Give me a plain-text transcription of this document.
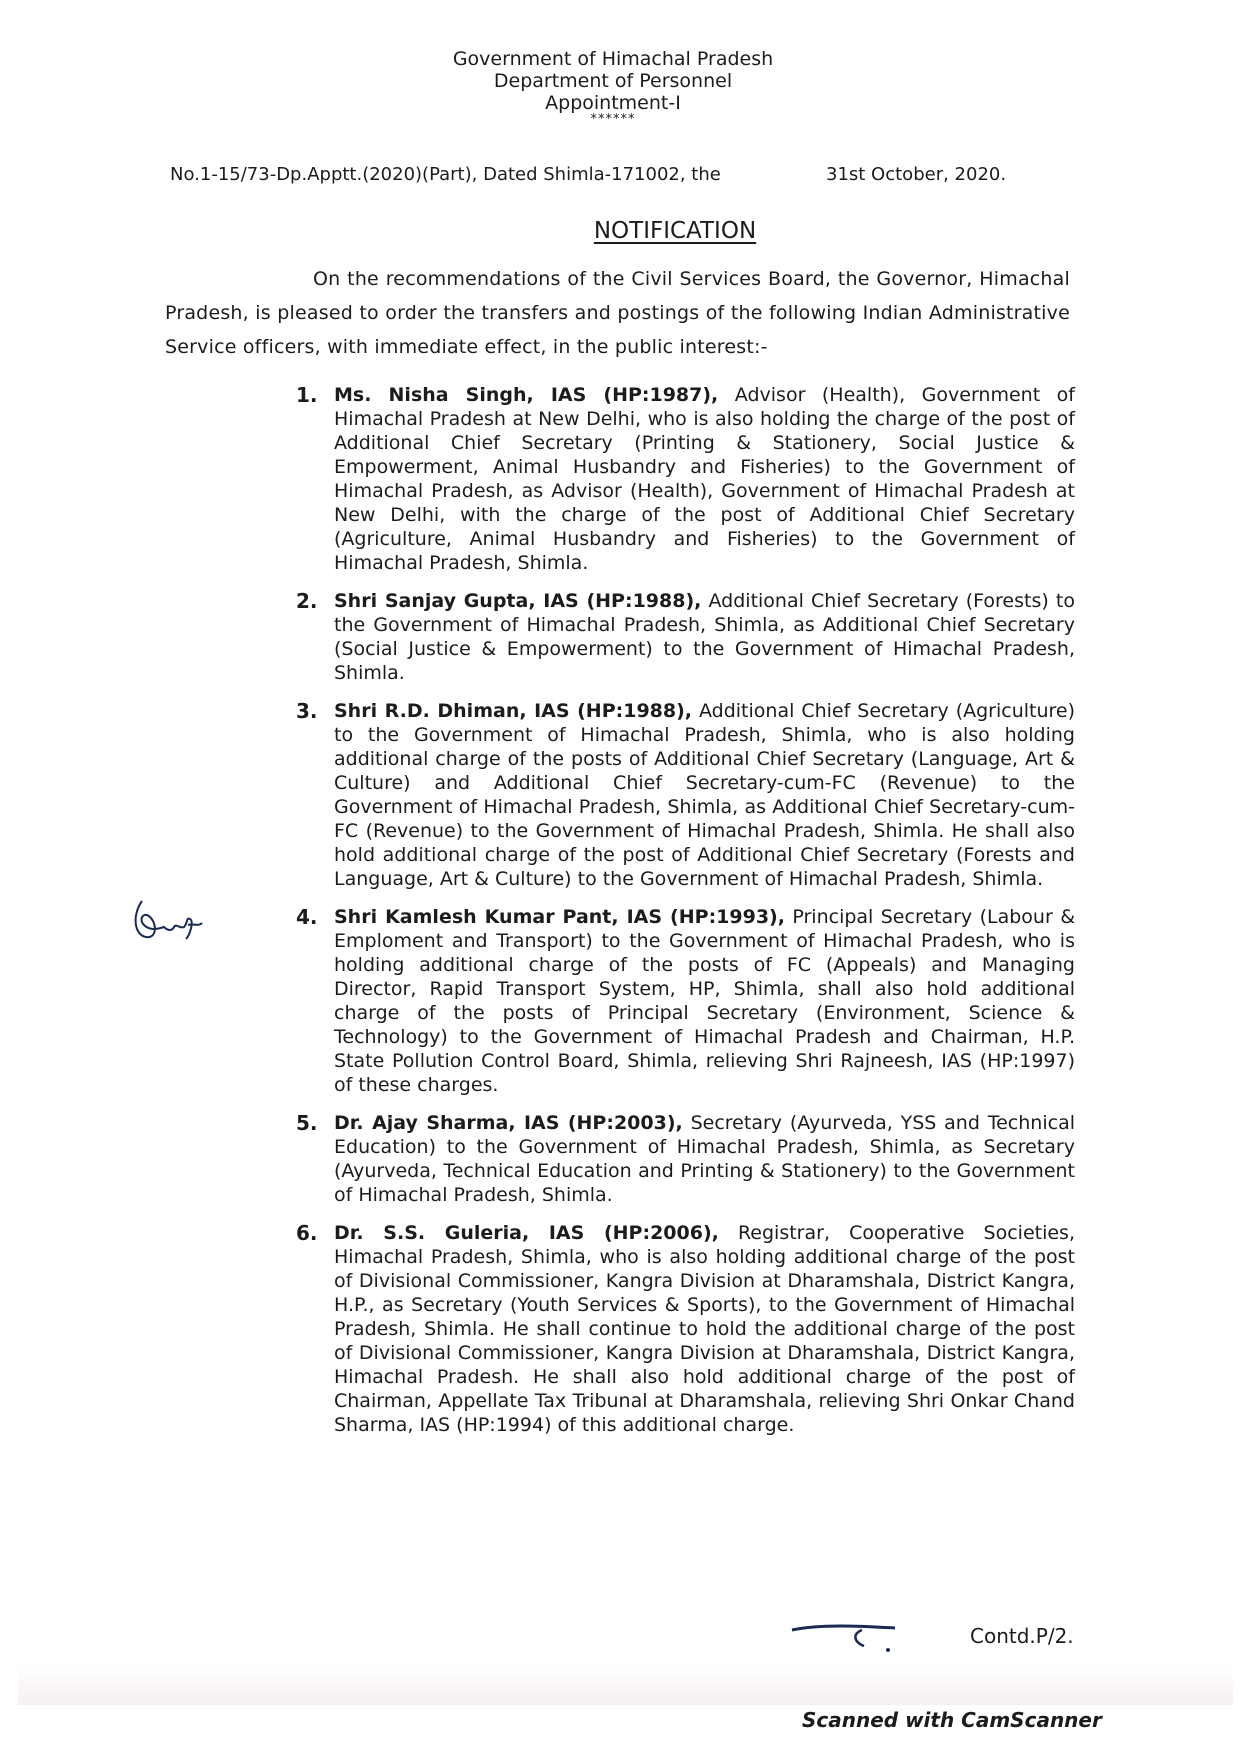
Government of Himachal Pradesh
Department of Personnel
Appointment-I
******
No.1-15/73-Dp.Apptt.(2020)(Part), Dated Shimla-171002, the	31st October, 2020.
NOTIFICATION
On the recommendations of the Civil Services Board, the Governor, Himachal Pradesh, is pleased to order the transfers and postings of the following Indian Administrative Service officers, with immediate effect, in the public interest:-
1. Ms. Nisha Singh, IAS (HP:1987), Advisor (Health), Government of Himachal Pradesh at New Delhi, who is also holding the charge of the post of Additional Chief Secretary (Printing & Stationery, Social Justice & Empowerment, Animal Husbandry and Fisheries) to the Government of Himachal Pradesh, as Advisor (Health), Government of Himachal Pradesh at New Delhi, with the charge of the post of Additional Chief Secretary (Agriculture, Animal Husbandry and Fisheries) to the Government of Himachal Pradesh, Shimla.
2. Shri Sanjay Gupta, IAS (HP:1988), Additional Chief Secretary (Forests) to the Government of Himachal Pradesh, Shimla, as Additional Chief Secretary (Social Justice & Empowerment) to the Government of Himachal Pradesh, Shimla.
3. Shri R.D. Dhiman, IAS (HP:1988), Additional Chief Secretary (Agriculture) to the Government of Himachal Pradesh, Shimla, who is also holding additional charge of the posts of Additional Chief Secretary (Language, Art & Culture) and Additional Chief Secretary-cum-FC (Revenue) to the Government of Himachal Pradesh, Shimla, as Additional Chief Secretary-cum-FC (Revenue) to the Government of Himachal Pradesh, Shimla. He shall also hold additional charge of the post of Additional Chief Secretary (Forests and Language, Art & Culture) to the Government of Himachal Pradesh, Shimla.
4. Shri Kamlesh Kumar Pant, IAS (HP:1993), Principal Secretary (Labour & Emploment and Transport) to the Government of Himachal Pradesh, who is holding additional charge of the posts of FC (Appeals) and Managing Director, Rapid Transport System, HP, Shimla, shall also hold additional charge of the posts of Principal Secretary (Environment, Science & Technology) to the Government of Himachal Pradesh and Chairman, H.P. State Pollution Control Board, Shimla, relieving Shri Rajneesh, IAS (HP:1997) of these charges.
5. Dr. Ajay Sharma, IAS (HP:2003), Secretary (Ayurveda, YSS and Technical Education) to the Government of Himachal Pradesh, Shimla, as Secretary (Ayurveda, Technical Education and Printing & Stationery) to the Government of Himachal Pradesh, Shimla.
6. Dr. S.S. Guleria, IAS (HP:2006), Registrar, Cooperative Societies, Himachal Pradesh, Shimla, who is also holding additional charge of the post of Divisional Commissioner, Kangra Division at Dharamshala, District Kangra, H.P., as Secretary (Youth Services & Sports), to the Government of Himachal Pradesh, Shimla. He shall continue to hold the additional charge of the post of Divisional Commissioner, Kangra Division at Dharamshala, District Kangra, Himachal Pradesh. He shall also hold additional charge of the post of Chairman, Appellate Tax Tribunal at Dharamshala, relieving Shri Onkar Chand Sharma, IAS (HP:1994) of this additional charge.
Contd.P/2.
Scanned with CamScanner
